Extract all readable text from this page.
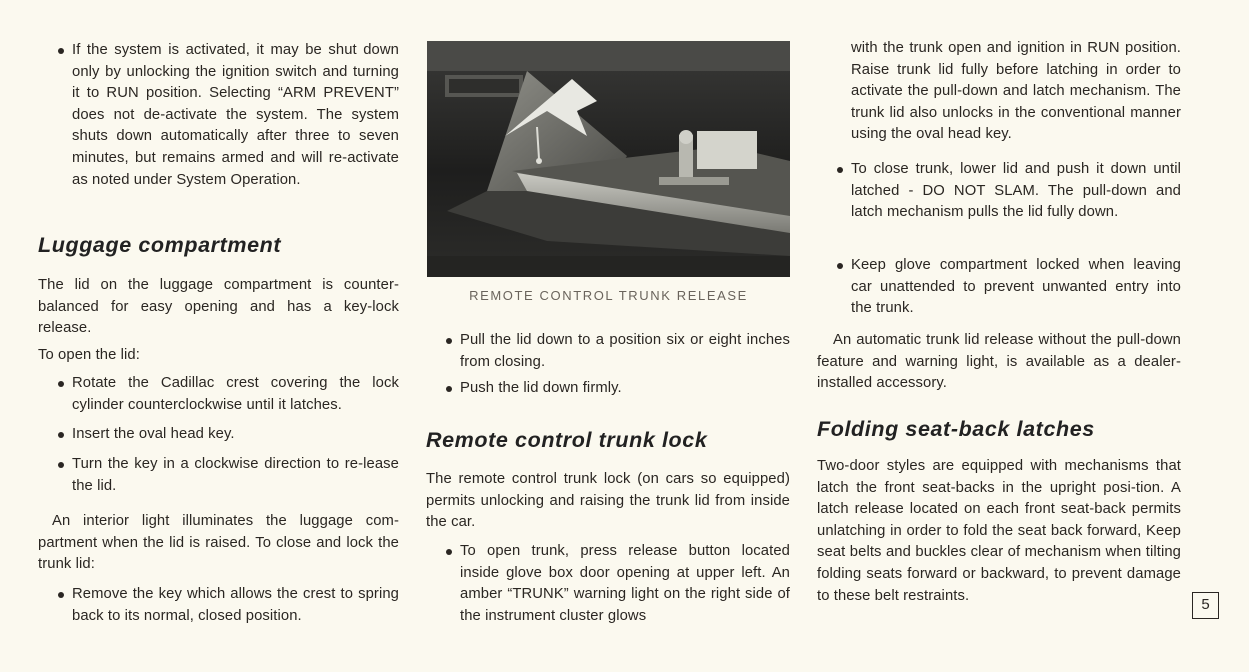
If the system is activated, it may be shut down only by unlocking the ignition switch and turning it to RUN position. Selecting “ARM PREVENT” does not de-activate the system. The system shuts down automatically after three to seven minutes, but remains armed and will re-activate as noted under System Operation.

Luggage compartment

The lid on the luggage compartment is counter-balanced for easy opening and has a key-lock release.

To open the lid:

Rotate the Cadillac crest covering the lock cylinder counterclockwise until it latches.

Insert the oval head key.

Turn the key in a clockwise direction to re-lease the lid.

An interior light illuminates the luggage com-partment when the lid is raised. To close and lock the trunk lid:

Remove the key which allows the crest to spring back to its normal, closed position.

REMOTE CONTROL TRUNK RELEASE

Pull the lid down to a position six or eight inches from closing.

Push the lid down firmly.

Remote control trunk lock

The remote control trunk lock (on cars so equipped) permits unlocking and raising the trunk lid from inside the car.

To open trunk, press release button located inside glove box door opening at upper left. An amber “TRUNK” warning light on the right side of the instrument cluster glows

with the trunk open and ignition in RUN position. Raise trunk lid fully before latching in order to activate the pull-down and latch mechanism. The trunk lid also unlocks in the conventional manner using the oval head key.

To close trunk, lower lid and push it down until latched - DO NOT SLAM. The pull-down and latch mechanism pulls the lid fully down.

Keep glove compartment locked when leaving car unattended to prevent unwanted entry into the trunk.

An automatic trunk lid release without the pull-down feature and warning light, is available as a dealer-installed accessory.

Folding seat-back latches

Two-door styles are equipped with mechanisms that latch the front seat-backs in the upright posi-tion. A latch release located on each front seat-back permits unlatching in order to fold the seat back forward, Keep seat belts and buckles clear of mechanism when tilting folding seats forward or backward, to prevent damage to these belt restraints.

5
